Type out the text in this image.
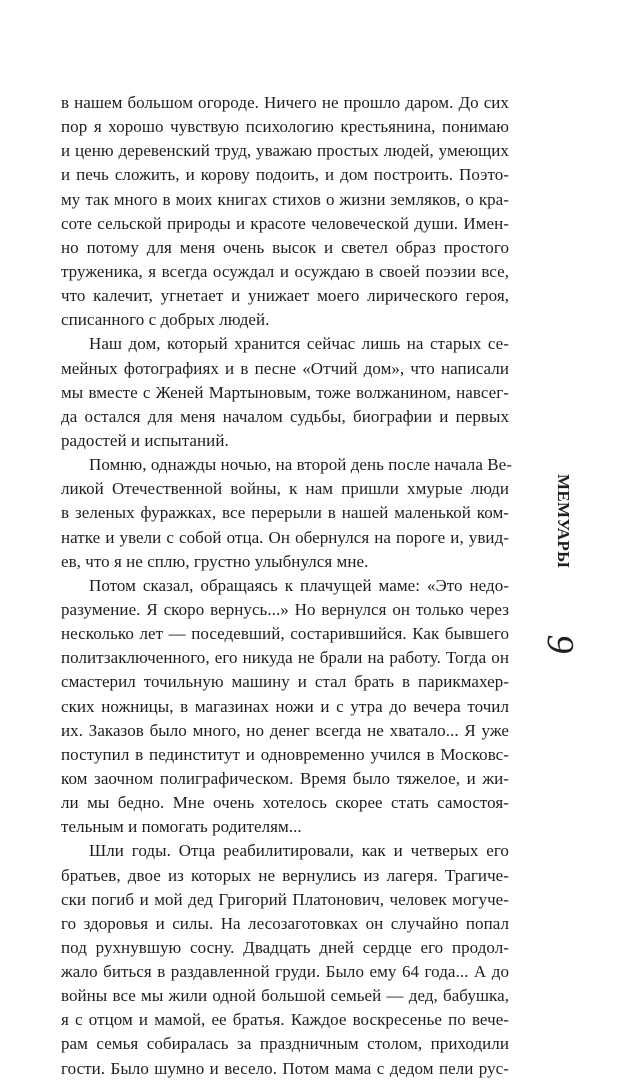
в нашем большом огороде. Ничего не прошло даром. До сих
пор я хорошо чувствую психологию крестьянина, понимаю
и ценю деревенский труд, уважаю простых людей, умеющих
и печь сложить, и корову подоить, и дом построить. Поэто-
му так много в моих книгах стихов о жизни земляков, о кра-
соте сельской природы и красоте человеческой души. Имен-
но потому для меня очень высок и светел образ простого
труженика, я всегда осуждал и осуждаю в своей поэзии все,
что калечит, угнетает и унижает моего лирического героя,
списанного с добрых людей.
Наш дом, который хранится сейчас лишь на старых се-
мейных фотографиях и в песне «Отчий дом», что написали
мы вместе с Женей Мартыновым, тоже волжанином, навсег-
да остался для меня началом судьбы, биографии и первых
радостей и испытаний.
Помню, однажды ночью, на второй день после начала Ве-
ликой Отечественной войны, к нам пришли хмурые люди
в зеленых фуражках, все перерыли в нашей маленькой ком-
натке и увели с собой отца. Он обернулся на пороге и, увид-
ев, что я не сплю, грустно улыбнулся мне.
Потом сказал, обращаясь к плачущей маме: «Это недо-
разумение. Я скоро вернусь...» Но вернулся он только через
несколько лет — поседевший, состарившийся. Как бывшего
политзаключенного, его никуда не брали на работу. Тогда он
смастерил точильную машину и стал брать в парикмахер-
ских ножницы, в магазинах ножи и с утра до вечера точил
их. Заказов было много, но денег всегда не хватало... Я уже
поступил в пединститут и одновременно учился в Московс-
ком заочном полиграфическом. Время было тяжелое, и жи-
ли мы бедно. Мне очень хотелось скорее стать самостоя-
тельным и помогать родителям...
Шли годы. Отца реабилитировали, как и четверых его
братьев, двое из которых не вернулись из лагеря. Трагиче-
ски погиб и мой дед Григорий Платонович, человек могучe-
го здоровья и силы. На лесозаготовках он случайно попал
под рухнувшую сосну. Двадцать дней сердце его продол-
жало биться в раздавленной груди. Было ему 64 года... А до
войны все мы жили одной большой семьей — дед, бабушка,
я с отцом и мамой, ее братья. Каждое воскресенье по вече-
рам семья собиралась за праздничным столом, приходили
гости. Было шумно и весело. Потом мама с дедом пели рус-
МЕМУАРЫ
9
